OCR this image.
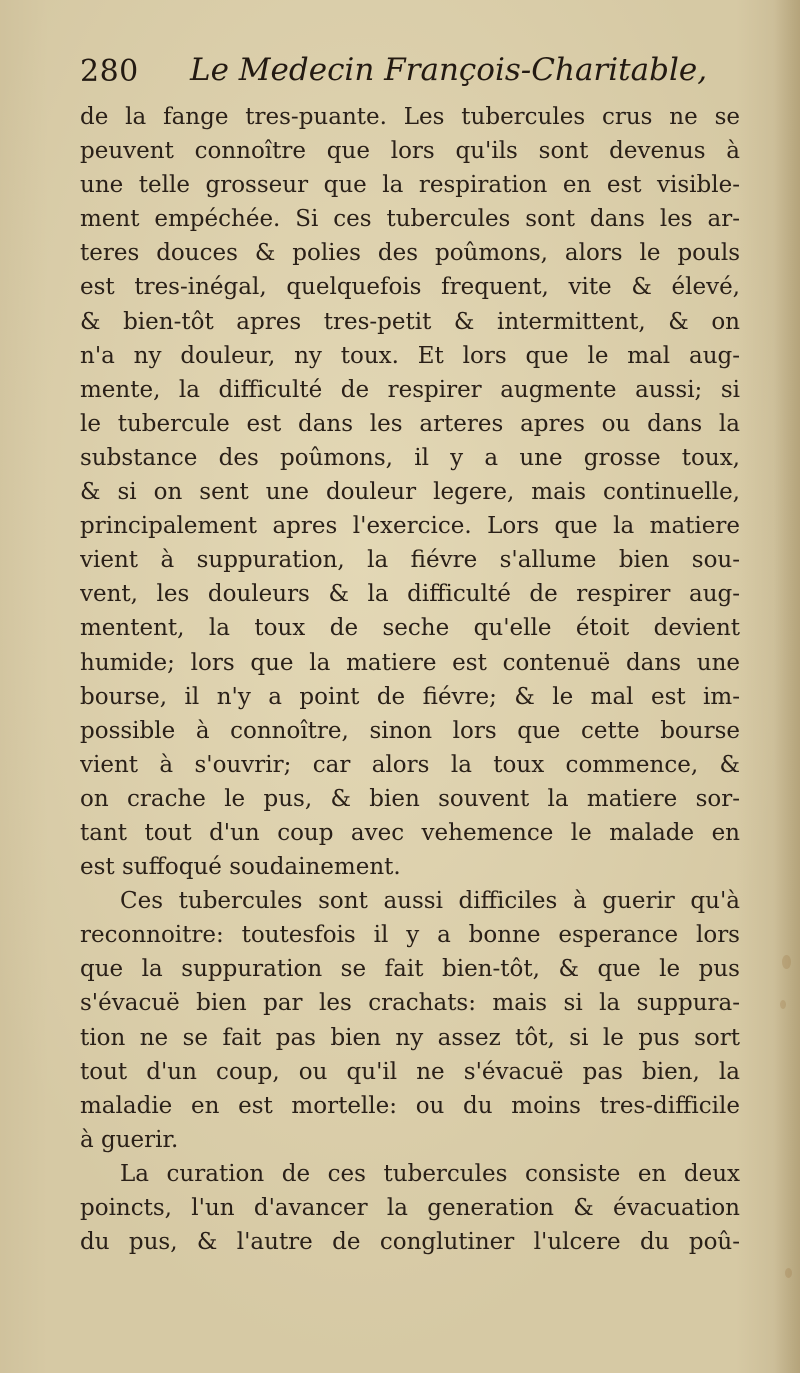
280 Le Medecin François-Charitable,
de la fange tres-puante. Les tubercules crus ne se
peuvent connoître que lors qu'ils sont devenus à
une telle grosseur que la respiration en est visible-
ment empéchée. Si ces tubercules sont dans les ar-
teres douces & polies des poûmons, alors le pouls
est tres-inégal, quelquefois frequent, vite & élevé,
& bien-tôt apres tres-petit & intermittent, & on
n'a ny douleur, ny toux. Et lors que le mal aug-
mente, la difficulté de respirer augmente aussi; si
le tubercule est dans les arteres apres ou dans la
substance des poûmons, il y a une grosse toux,
& si on sent une douleur legere, mais continuelle,
principalement apres l'exercice. Lors que la matiere
vient à suppuration, la fiévre s'allume bien sou-
vent, les douleurs & la difficulté de respirer aug-
mentent, la toux de seche qu'elle étoit devient
humide; lors que la matiere est contenuë dans une
bourse, il n'y a point de fiévre; & le mal est im-
possible à connoître, sinon lors que cette bourse
vient à s'ouvrir; car alors la toux commence, &
on crache le pus, & bien souvent la matiere sor-
tant tout d'un coup avec vehemence le malade en
est suffoqué soudainement.
Ces tubercules sont aussi difficiles à guerir qu'à
reconnoitre: toutesfois il y a bonne esperance lors
que la suppuration se fait bien-tôt, & que le pus
s'évacuë bien par les crachats: mais si la suppura-
tion ne se fait pas bien ny assez tôt, si le pus sort
tout d'un coup, ou qu'il ne s'évacuë pas bien, la
maladie en est mortelle: ou du moins tres-difficile
à guerir.
La curation de ces tubercules consiste en deux
poincts, l'un d'avancer la generation & évacuation
du pus, & l'autre de conglutiner l'ulcere du poû-
